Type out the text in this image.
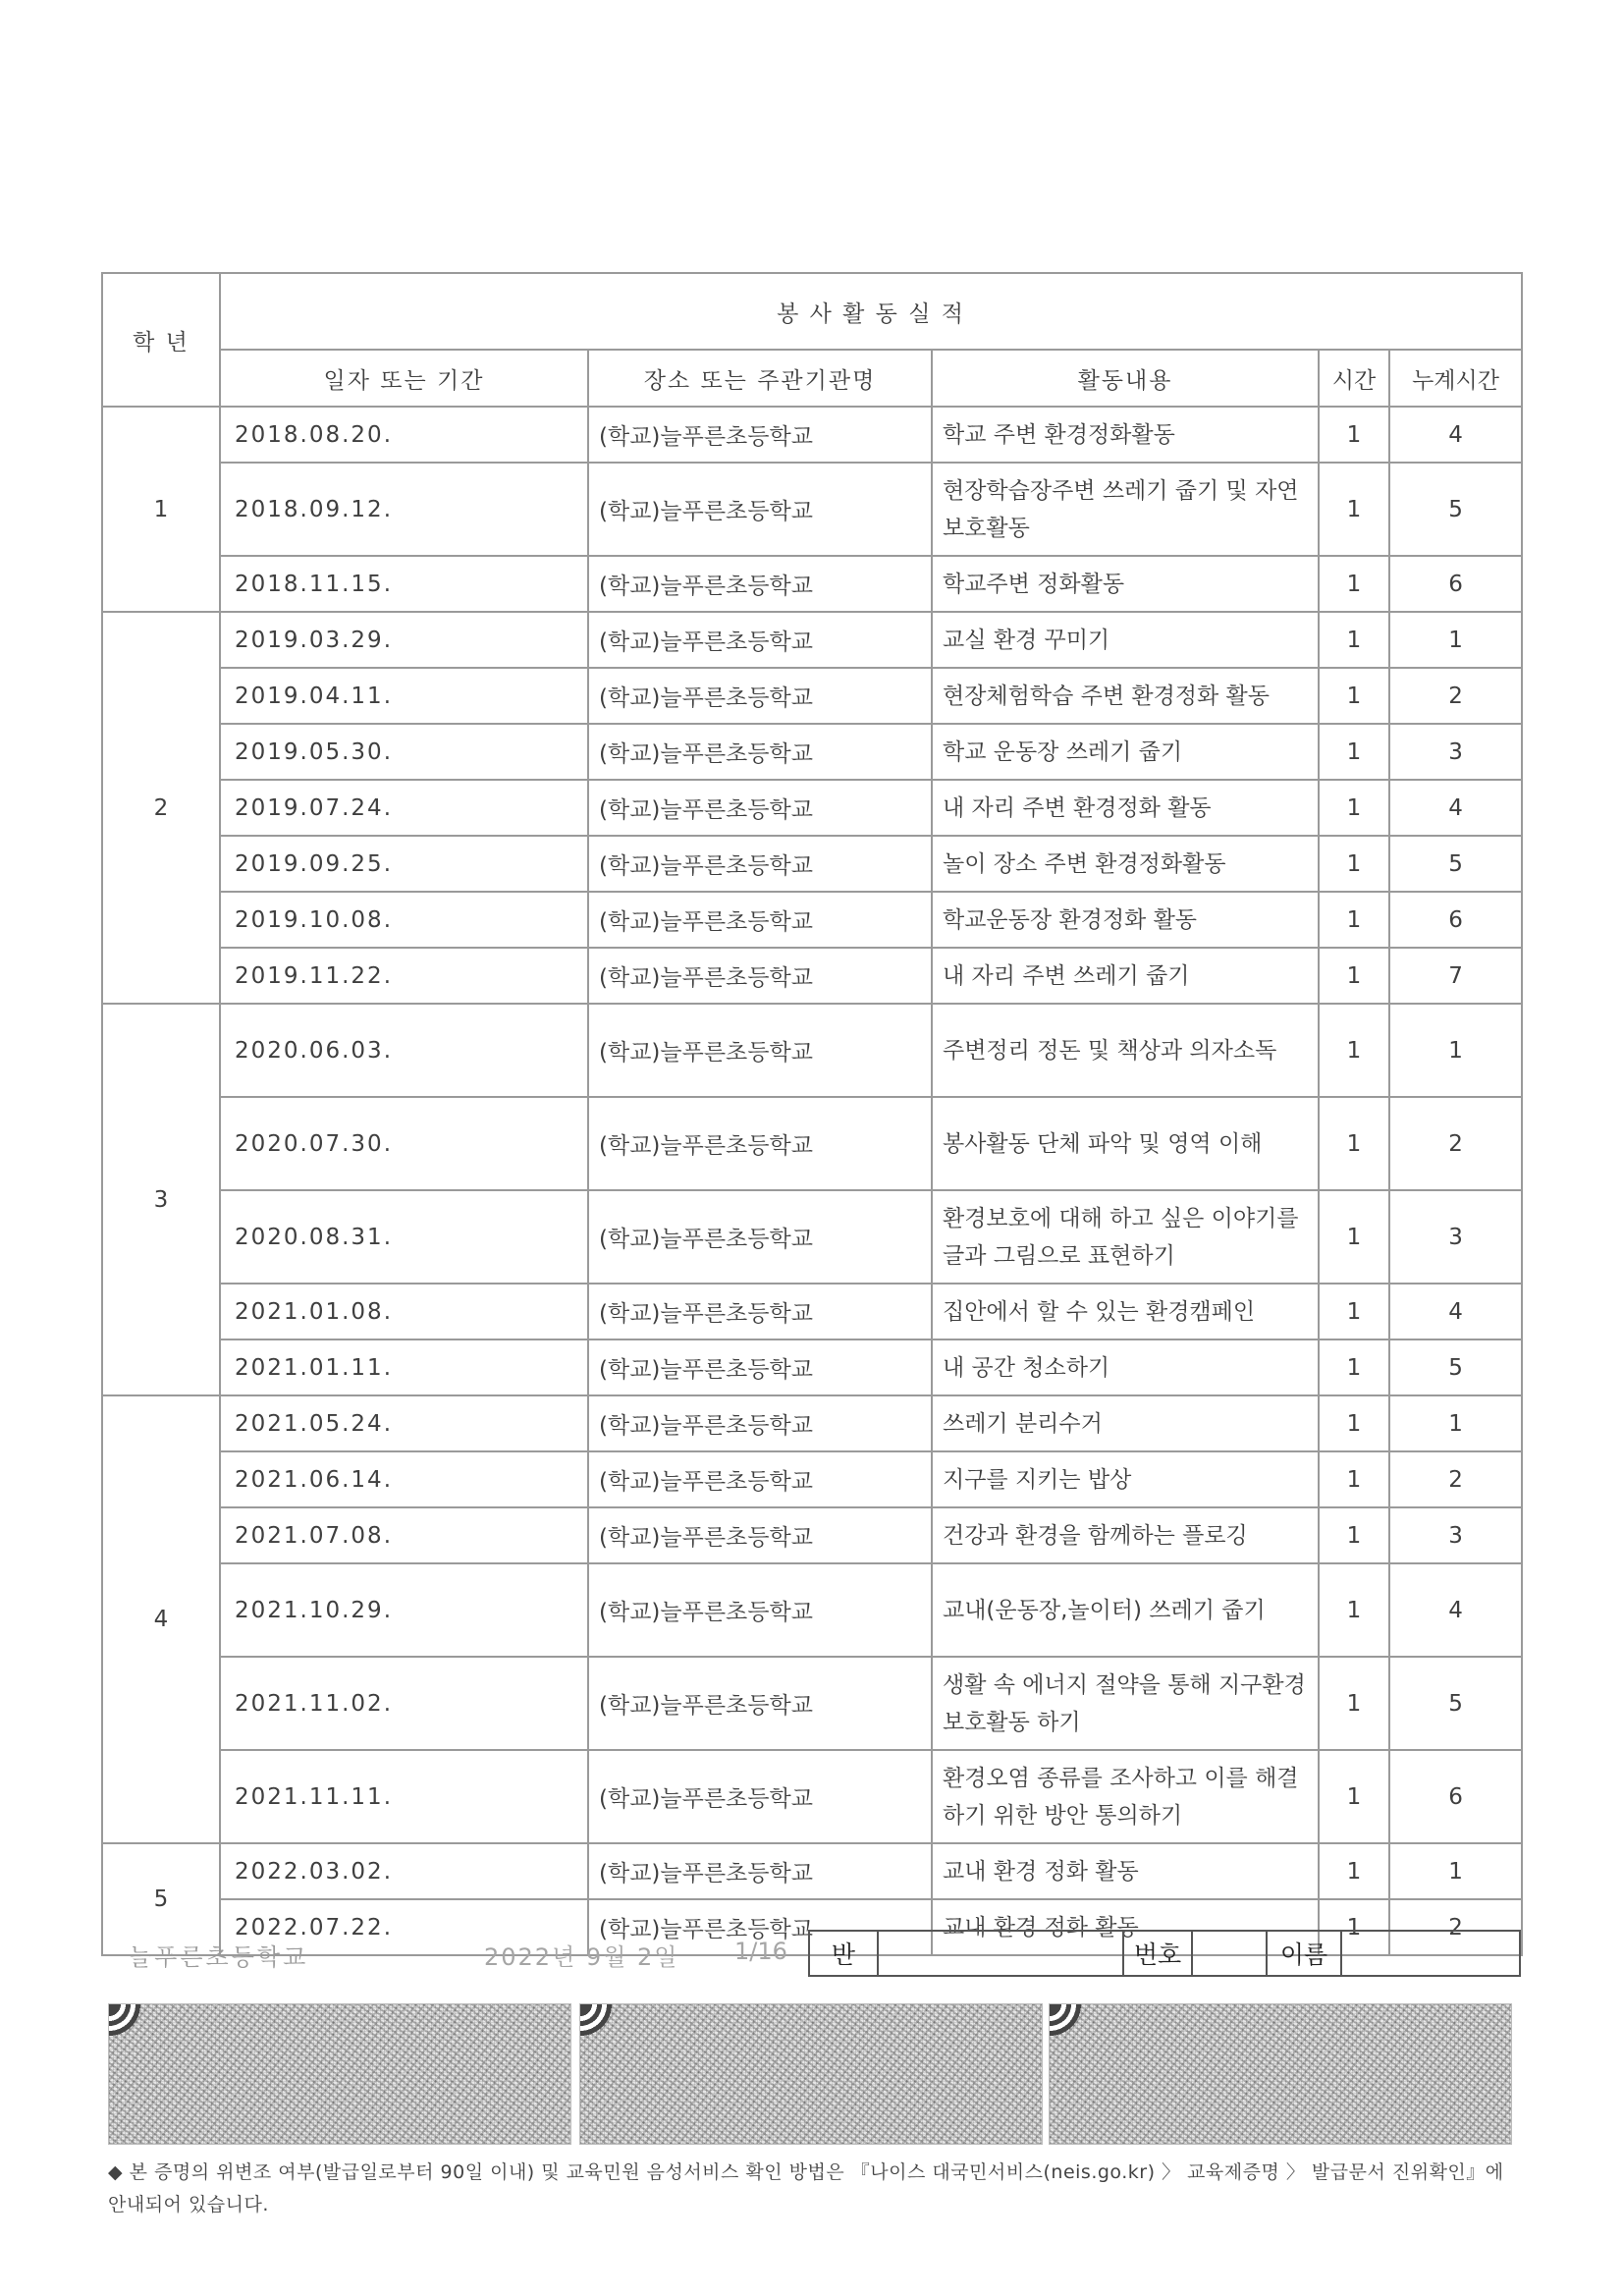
학 년	봉 사 활 동 실 적				
	일자 또는 기간	장소 또는 주관기관명	활동내용	시간	누계시간
1	2018.08.20.	(학교)늘푸른초등학교	학교 주변 환경정화활동	1	4
	2018.09.12.	(학교)늘푸른초등학교	현장학습장주변 쓰레기 줍기 및 자연보호활동	1	5
	2018.11.15.	(학교)늘푸른초등학교	학교주변 정화활동	1	6
2	2019.03.29.	(학교)늘푸른초등학교	교실 환경 꾸미기	1	1
	2019.04.11.	(학교)늘푸른초등학교	현장체험학습 주변 환경정화 활동	1	2
	2019.05.30.	(학교)늘푸른초등학교	학교 운동장 쓰레기 줍기	1	3
	2019.07.24.	(학교)늘푸른초등학교	내 자리 주변 환경정화 활동	1	4
	2019.09.25.	(학교)늘푸른초등학교	놀이 장소 주변 환경정화활동	1	5
	2019.10.08.	(학교)늘푸른초등학교	학교운동장 환경정화 활동	1	6
	2019.11.22.	(학교)늘푸른초등학교	내 자리 주변 쓰레기 줍기	1	7
3	2020.06.03.	(학교)늘푸른초등학교	주변정리 정돈 및 책상과 의자소독	1	1
	2020.07.30.	(학교)늘푸른초등학교	봉사활동 단체 파악 및 영역 이해	1	2
	2020.08.31.	(학교)늘푸른초등학교	환경보호에 대해 하고 싶은 이야기를 글과 그림으로 표현하기	1	3
	2021.01.08.	(학교)늘푸른초등학교	집안에서 할 수 있는 환경캠페인	1	4
	2021.01.11.	(학교)늘푸른초등학교	내 공간 청소하기	1	5
4	2021.05.24.	(학교)늘푸른초등학교	쓰레기 분리수거	1	1
	2021.06.14.	(학교)늘푸른초등학교	지구를 지키는 밥상	1	2
	2021.07.08.	(학교)늘푸른초등학교	건강과 환경을 함께하는 플로깅	1	3
	2021.10.29.	(학교)늘푸른초등학교	교내(운동장,놀이터) 쓰레기 줍기	1	4
	2021.11.02.	(학교)늘푸른초등학교	생활 속 에너지 절약을 통해 지구환경 보호활동 하기	1	5
	2021.11.11.	(학교)늘푸른초등학교	환경오염 종류를 조사하고 이를 해결하기 위한 방안 통의하기	1	6
5	2022.03.02.	(학교)늘푸른초등학교	교내 환경 정화 활동	1	1
	2022.07.22.	(학교)늘푸른초등학교	교내 환경 정화 활동	1	2
늘푸른초등학교	2022년 9월 2일 1/16	반	번호	이름
◆ 본 증명의 위변조 여부(발급일로부터 90일 이내) 및 교육민원 음성서비스 확인 방법은 『나이스 대국민서비스(neis.go.kr) 〉 교육제증명 〉 발급문서 진위확인』에 안내되어 있습니다.
